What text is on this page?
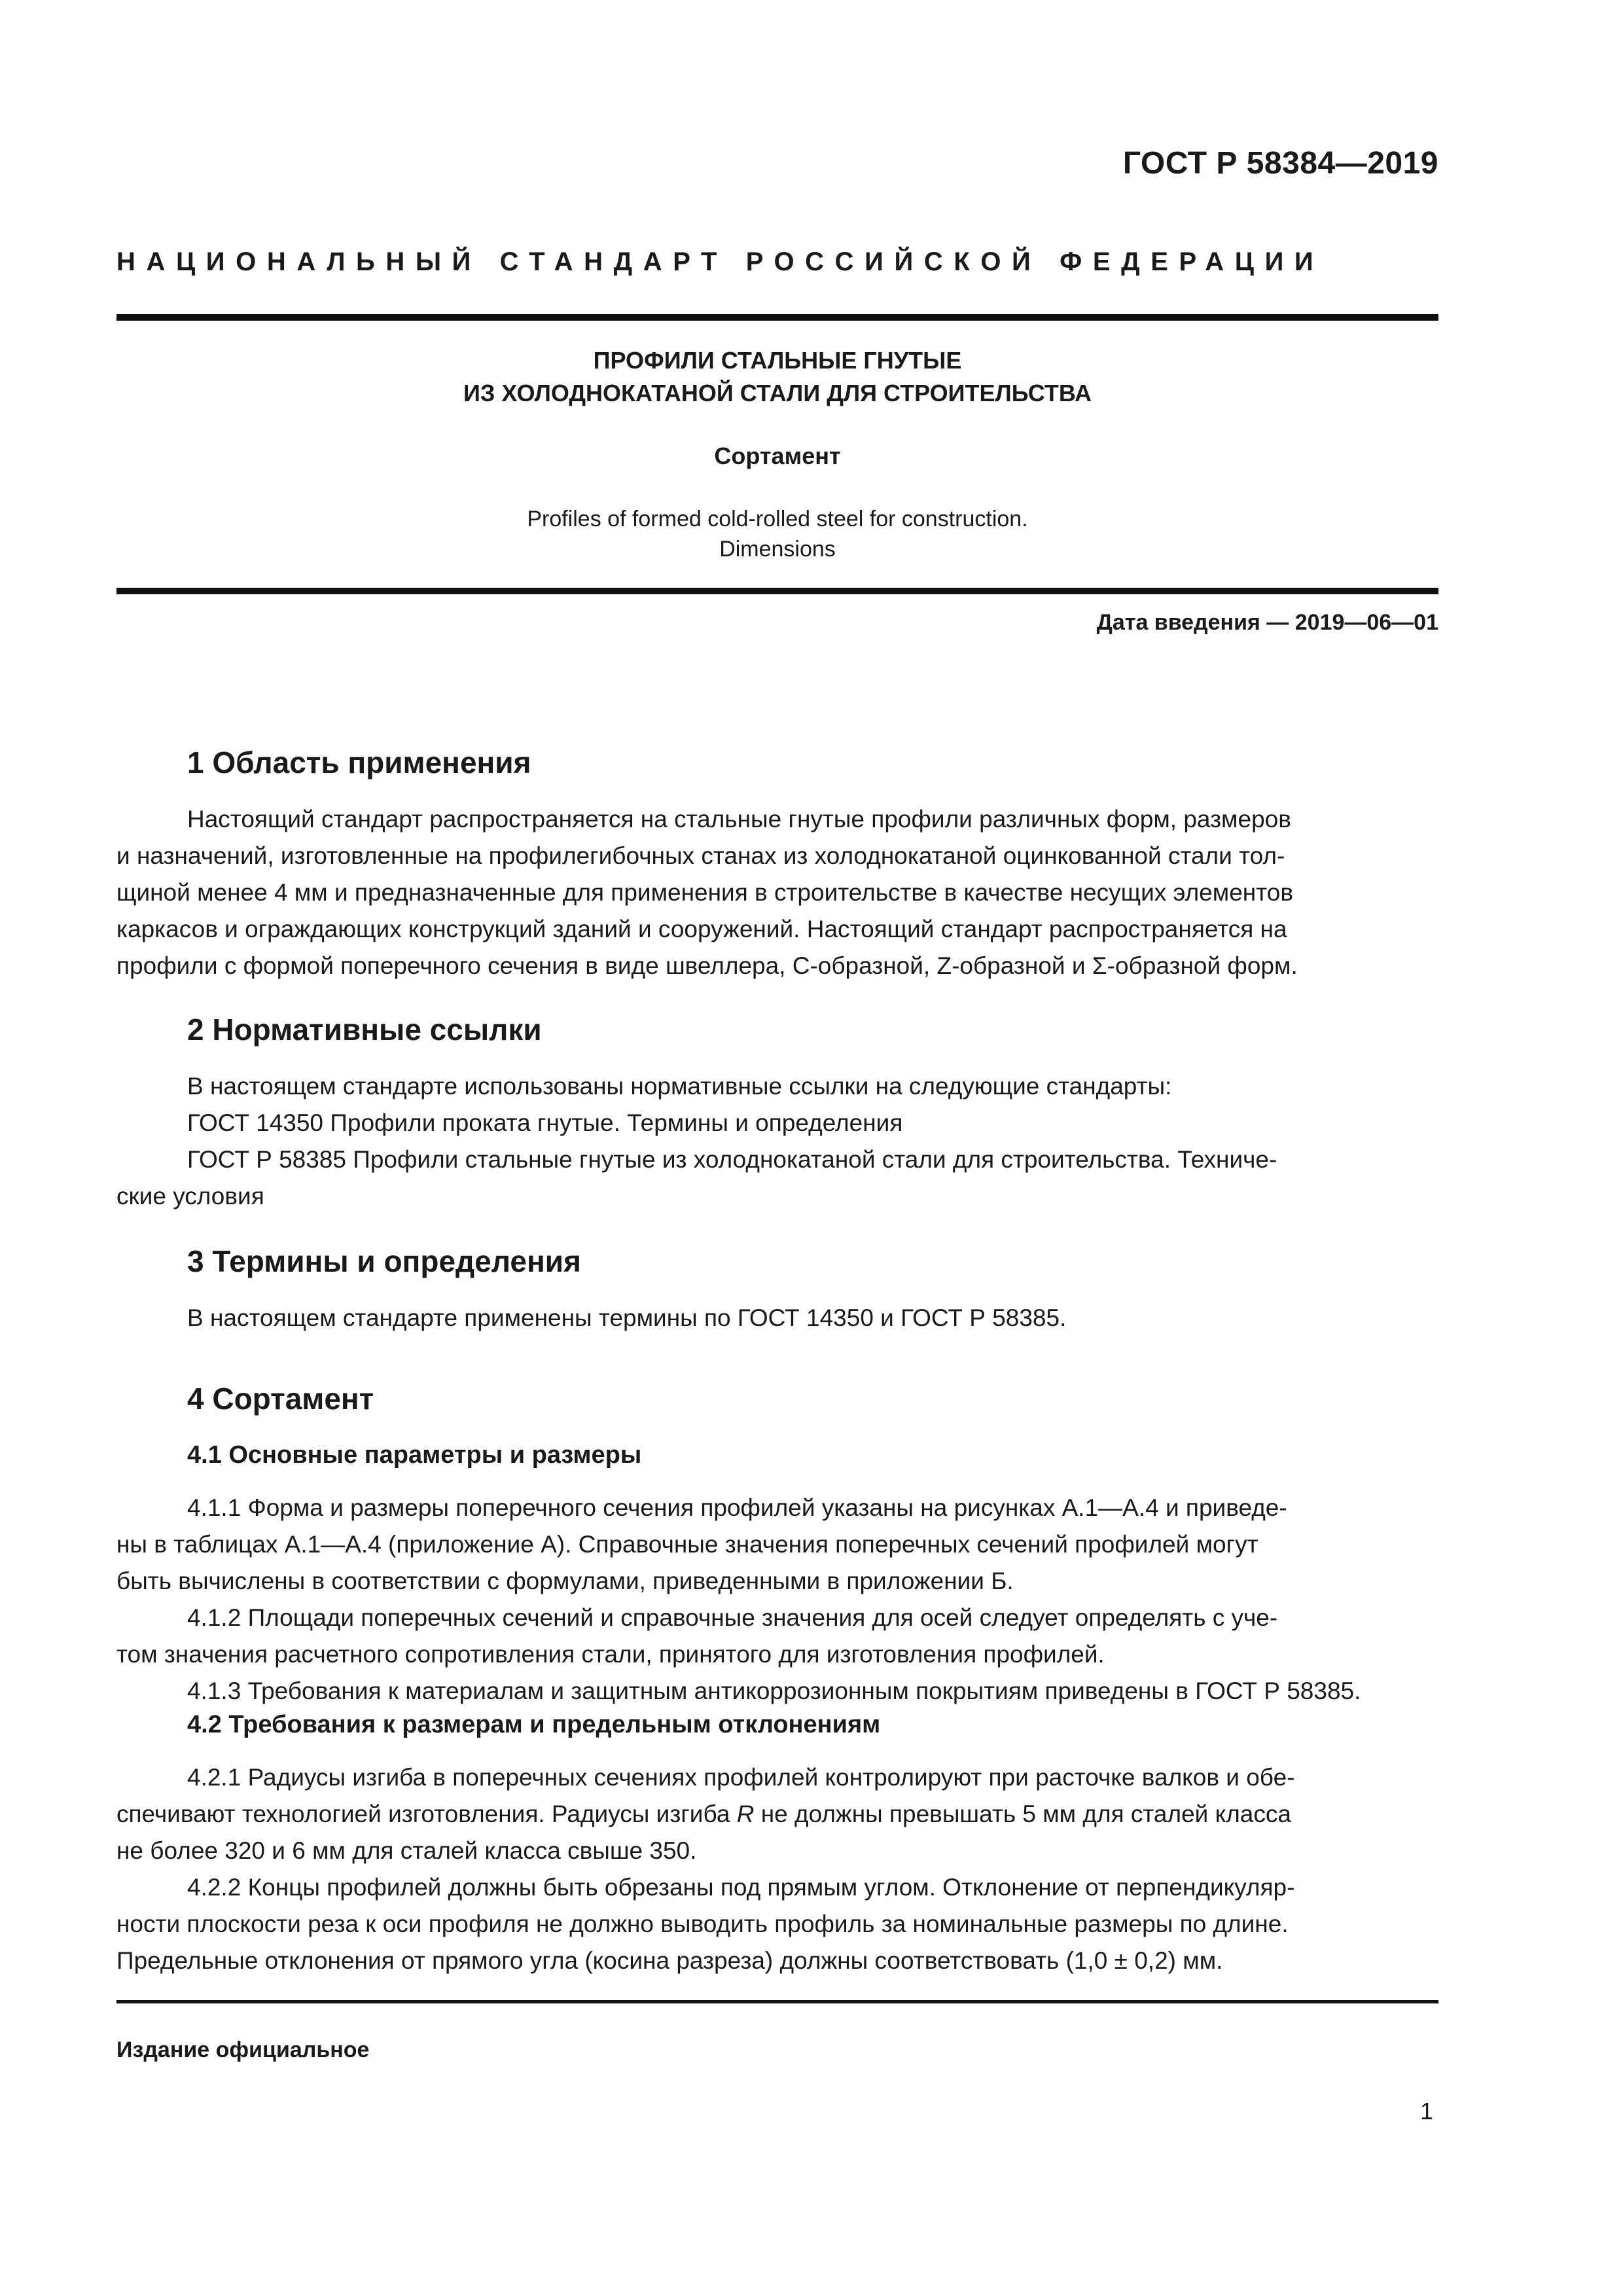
ГОСТ Р 58384—2019
НАЦИОНАЛЬНЫЙ СТАНДАРТ РОССИЙСКОЙ ФЕДЕРАЦИИ
ПРОФИЛИ СТАЛЬНЫЕ ГНУТЫЕ
ИЗ ХОЛОДНОКАТАНОЙ СТАЛИ ДЛЯ СТРОИТЕЛЬСТВА
Сортамент
Profiles of formed cold-rolled steel for construction.
Dimensions
Дата введения — 2019—06—01
1 Область применения
Настоящий стандарт распространяется на стальные гнутые профили различных форм, размеров
и назначений, изготовленные на профилегибочных станах из холоднокатаной оцинкованной стали тол-
щиной менее 4 мм и предназначенные для применения в строительстве в качестве несущих элементов
каркасов и ограждающих конструкций зданий и сооружений. Настоящий стандарт распространяется на
профили с формой поперечного сечения в виде швеллера, С-образной, Z-образной и Σ-образной форм.
2 Нормативные ссылки
В настоящем стандарте использованы нормативные ссылки на следующие стандарты:
ГОСТ 14350 Профили проката гнутые. Термины и определения
ГОСТ Р 58385 Профили стальные гнутые из холоднокатаной стали для строительства. Техниче-
ские условия
3 Термины и определения
В настоящем стандарте применены термины по ГОСТ 14350 и ГОСТ Р 58385.
4 Сортамент
4.1 Основные параметры и размеры
4.1.1 Форма и размеры поперечного сечения профилей указаны на рисунках А.1—А.4 и приведе-
ны в таблицах А.1—А.4 (приложение А). Справочные значения поперечных сечений профилей могут
быть вычислены в соответствии с формулами, приведенными в приложении Б.
4.1.2 Площади поперечных сечений и справочные значения для осей следует определять с уче-
том значения расчетного сопротивления стали, принятого для изготовления профилей.
4.1.3 Требования к материалам и защитным антикоррозионным покрытиям приведены в ГОСТ Р 58385.
4.2 Требования к размерам и предельным отклонениям
4.2.1 Радиусы изгиба в поперечных сечениях профилей контролируют при расточке валков и обе-
спечивают технологией изготовления. Радиусы изгиба R не должны превышать 5 мм для сталей класса
не более 320 и 6 мм для сталей класса свыше 350.
4.2.2 Концы профилей должны быть обрезаны под прямым углом. Отклонение от перпендикуляр-
ности плоскости реза к оси профиля не должно выводить профиль за номинальные размеры по длине.
Предельные отклонения от прямого угла (косина разреза) должны соответствовать (1,0 ± 0,2) мм.
Издание официальное
1
